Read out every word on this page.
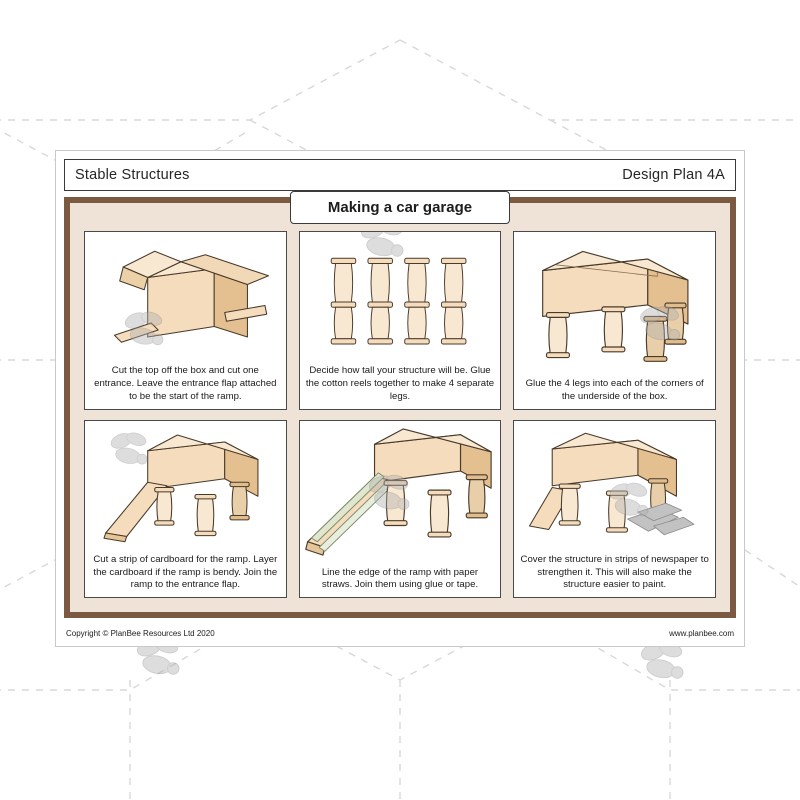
Stable Structures	Design Plan 4A
Making a car garage
Cut the top off the box and cut one entrance. Leave the entrance flap attached to be the start of the ramp.
Decide how tall your structure will be. Glue the cotton reels together to make 4 separate legs.
Glue the 4 legs into each of the corners of the underside of the box.
Cut a strip of cardboard for the ramp. Layer the cardboard if the ramp is bendy. Join the ramp to the entrance flap.
Line the edge of the ramp with paper straws. Join them using glue or tape.
Cover the structure in strips of newspaper to strengthen it. This will also make the structure easier to paint.
Copyright © PlanBee Resources Ltd 2020	www.planbee.com
